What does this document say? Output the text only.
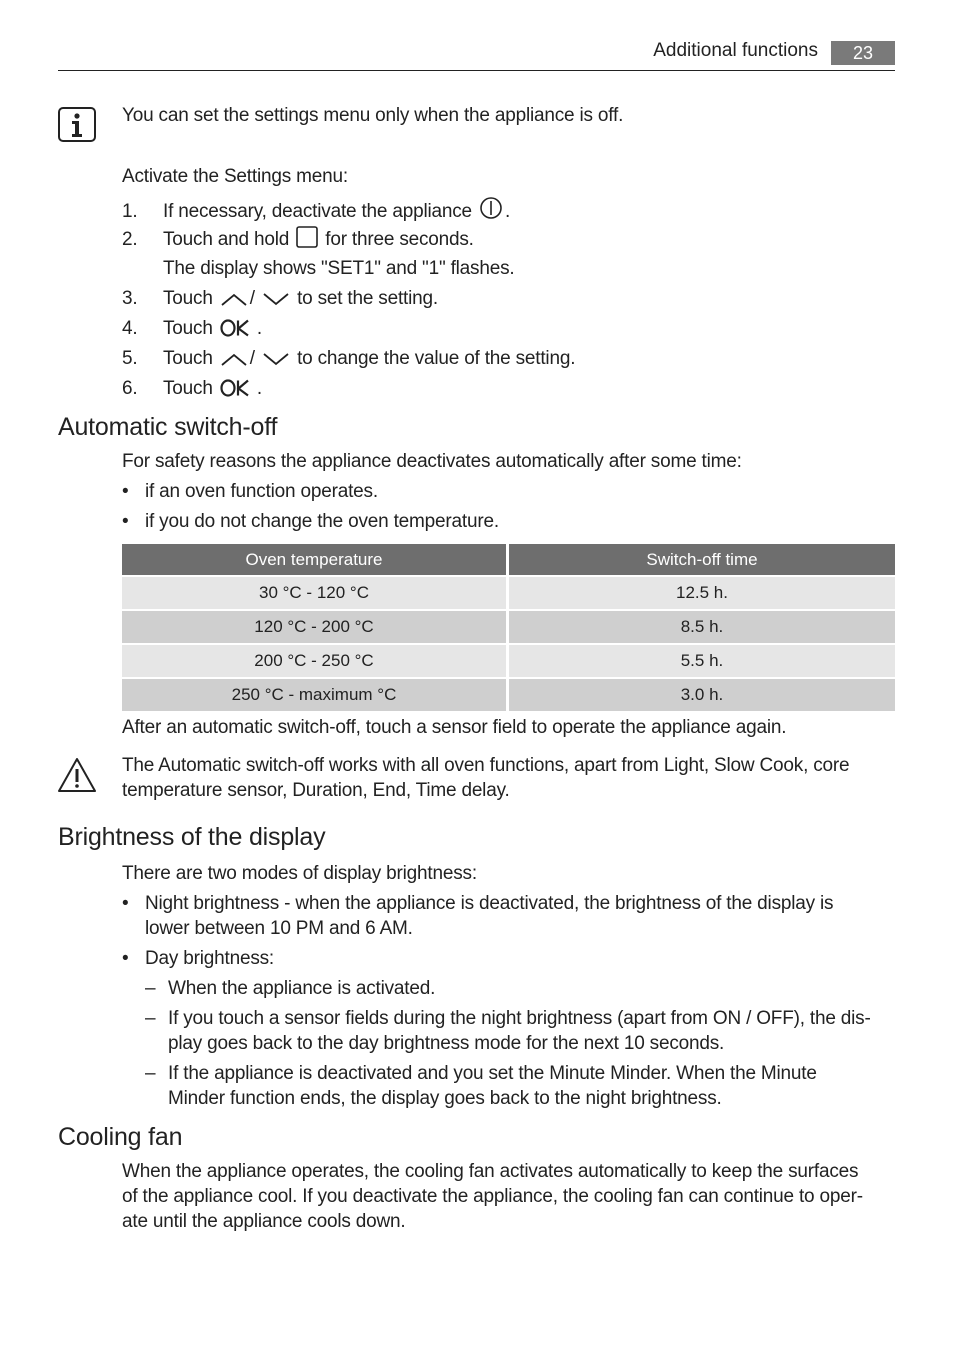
Additional functions	23
You can set the settings menu only when the appliance is off.
Activate the Settings menu:
1. If necessary, deactivate the appliance .
2. Touch and hold for three seconds.
The display shows "SET1" and "1" flashes.
3. Touch /  to set the setting.
4. Touch .
5. Touch /  to change the value of the setting.
6. Touch .
Automatic switch-off
For safety reasons the appliance deactivates automatically after some time:
• if an oven function operates.
• if you do not change the oven temperature.
Oven temperature	Switch-off time
30 °C - 120 °C	12.5 h.
120 °C - 200 °C	8.5 h.
200 °C - 250 °C	5.5 h.
250 °C - maximum °C	3.0 h.
After an automatic switch-off, touch a sensor field to operate the appliance again.
The Automatic switch-off works with all oven functions, apart from Light, Slow Cook, core
temperature sensor, Duration, End, Time delay.
Brightness of the display
There are two modes of display brightness:
• Night brightness - when the appliance is deactivated, the brightness of the display is
lower between 10 PM and 6 AM.
• Day brightness:
– When the appliance is activated.
– If you touch a sensor fields during the night brightness (apart from ON / OFF), the dis-
play goes back to the day brightness mode for the next 10 seconds.
– If the appliance is deactivated and you set the Minute Minder. When the Minute
Minder function ends, the display goes back to the night brightness.
Cooling fan
When the appliance operates, the cooling fan activates automatically to keep the surfaces
of the appliance cool. If you deactivate the appliance, the cooling fan can continue to oper-
ate until the appliance cools down.
